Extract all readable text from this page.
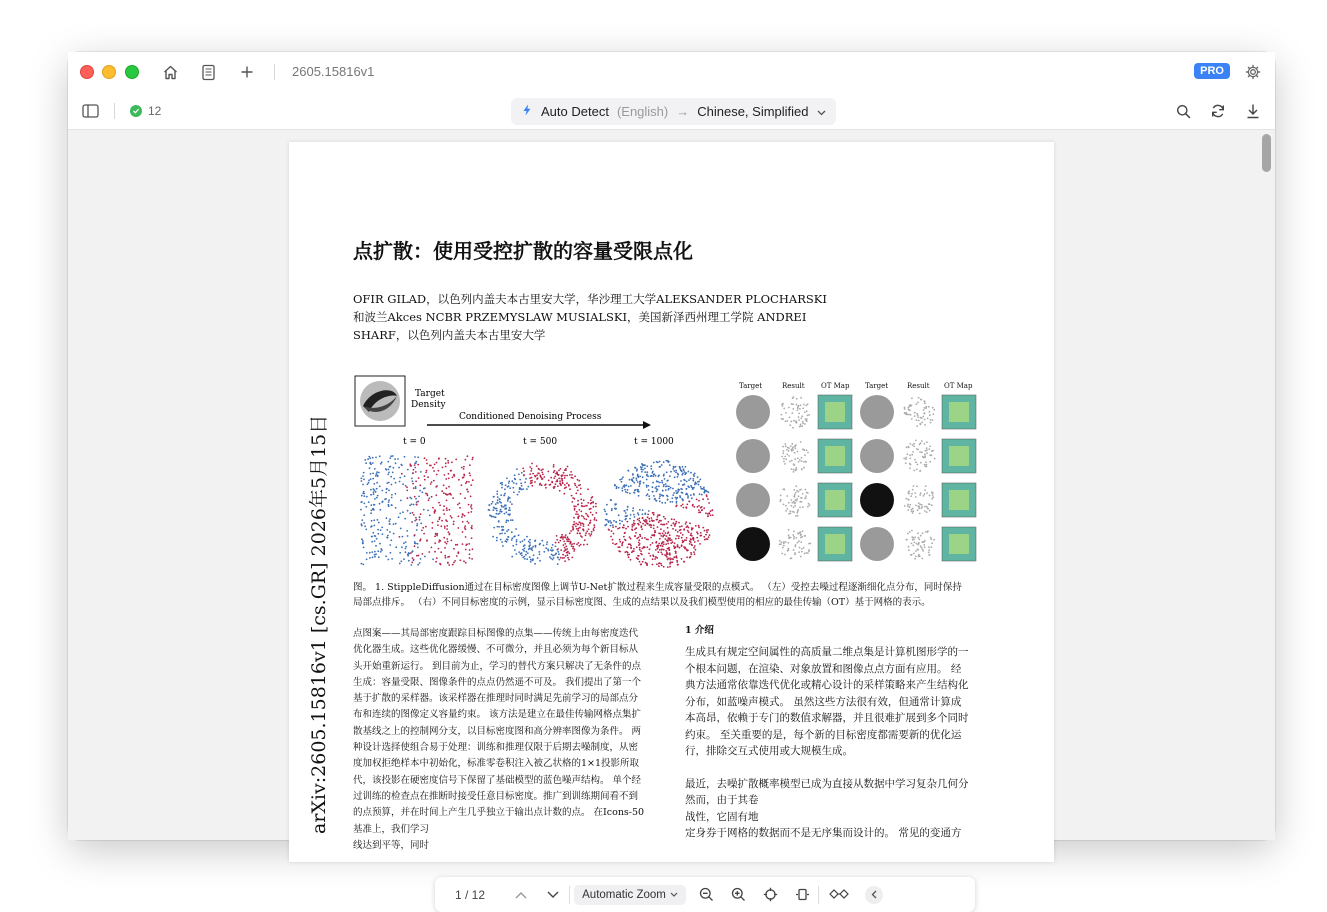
2605.15816v1	PRO
12	Auto Detect (English) → Chinese, Simplified
点扩散：使用受控扩散的容量受限点化
OFIR GILAD，以色列内盖夫本古里安大学，华沙理工大学ALEKSANDER PLOCHARSKI
和波兰Akces NCBR PRZEMYSLAW MUSIALSKI，美国新泽西州理工学院 ANDREI
SHARF，以色列内盖夫本古里安大学
arXiv:2605.15816v1 [cs.GR] 2026年5月15日
Target Density
Conditioned Denoising Process
t = 0	t = 500	t = 1000
Target	Result OT Map Target	Result OT Map
图。 1. StippleDiffusion通过在目标密度图像上调节U-Net扩散过程来生成容量受限的点模式。 （左）受控去噪过程逐渐细化点分布，同时保持
局部点排斥。 （右）不同目标密度的示例，显示目标密度图、生成的点结果以及我们模型使用的相应的最佳传输（OT）基于网格的表示。
点图案——其局部密度跟踪目标图像的点集——传统上由每密度迭代
优化器生成。这些优化器缓慢、不可微分，并且必须为每个新目标从
头开始重新运行。 到目前为止，学习的替代方案只解决了无条件的点
生成：容量受限、图像条件的点点仍然遥不可及。 我们提出了第一个
基于扩散的采样器。该采样器在推理时同时满足先前学习的局部点分
布和连续的图像定义容量约束。 该方法是建立在最佳传输网格点集扩
散基线之上的控制网分支，以目标密度图和高分辨率图像为条件。 两
种设计选择使组合易于处理：训练和推理仅限于后期去噪制度，从密
度加权拒绝样本中初始化，标准零卷积注入被乙状格的1×1投影所取
代，该投影在硬密度信号下保留了基础模型的蓝色噪声结构。 单个经
过训练的检查点在推断时接受任意目标密度。推广到训练期间看不到
的点预算，并在时间上产生几乎独立于输出点计数的点。 在Icons-50
基准上，我们学习
线达到平等，同时
1 介绍
生成具有规定空间属性的高质量二维点集是计算机图形学的一
个根本问题，在渲染、对象放置和图像点点方面有应用。 经
典方法通常依靠迭代优化或精心设计的采样策略来产生结构化
分布，如蓝噪声模式。 虽然这些方法很有效，但通常计算成
本高昂，依赖于专门的数值求解器，并且很难扩展到多个同时
约束。 至关重要的是，每个新的目标密度都需要新的优化运
行，排除交互式使用或大规模生成。
最近，去噪扩散概率模型已成为直接从数据中学习复杂几何分
然而，由于其卷
战性，它固有地
定身券于网格的数据而不是无序集而设计的。 常见的变通方
1 / 12	Automatic Zoom
